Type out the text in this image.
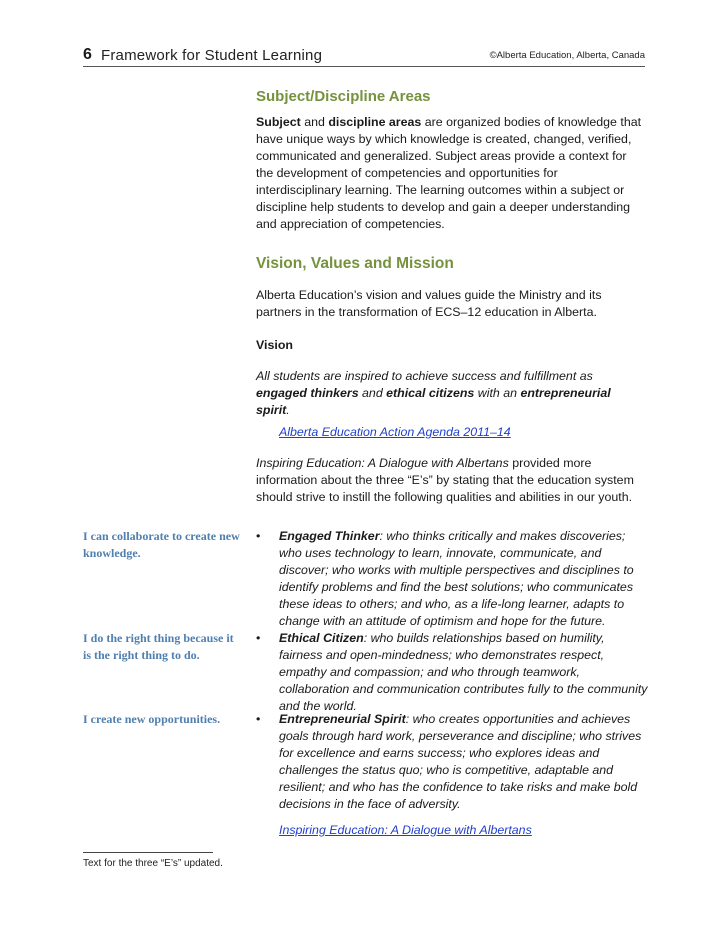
6 Framework for Student Learning	©Alberta Education, Alberta, Canada

Subject/Discipline Areas

Subject and discipline areas are organized bodies of knowledge that have unique ways by which knowledge is created, changed, verified, communicated and generalized. Subject areas provide a context for the development of competencies and opportunities for interdisciplinary learning. The learning outcomes within a subject or discipline help students to develop and gain a deeper understanding and appreciation of competencies.

Vision, Values and Mission

Alberta Education’s vision and values guide the Ministry and its partners in the transformation of ECS–12 education in Alberta.

Vision

All students are inspired to achieve success and fulfillment as engaged thinkers and ethical citizens with an entrepreneurial spirit.

Alberta Education Action Agenda 2011–14

Inspiring Education: A Dialogue with Albertans provided more information about the three “E’s” by stating that the education system should strive to instill the following qualities and abilities in our youth.

I can collaborate to create new knowledge.
I do the right thing because it is the right thing to do.
I create new opportunities.
• Engaged Thinker: who thinks critically and makes discoveries; who uses technology to learn, innovate, communicate, and discover; who works with multiple perspectives and disciplines to identify problems and find the best solutions; who communicates these ideas to others; and who, as a life-long learner, adapts to change with an attitude of optimism and hope for the future.
• Ethical Citizen: who builds relationships based on humility, fairness and open-mindedness; who demonstrates respect, empathy and compassion; and who through teamwork, collaboration and communication contributes fully to the community and the world.
• Entrepreneurial Spirit: who creates opportunities and achieves goals through hard work, perseverance and discipline; who strives for excellence and earns success; who explores ideas and challenges the status quo; who is competitive, adaptable and resilient; and who has the confidence to take risks and make bold decisions in the face of adversity.
Inspiring Education: A Dialogue with Albertans
Text for the three “E’s” updated.
